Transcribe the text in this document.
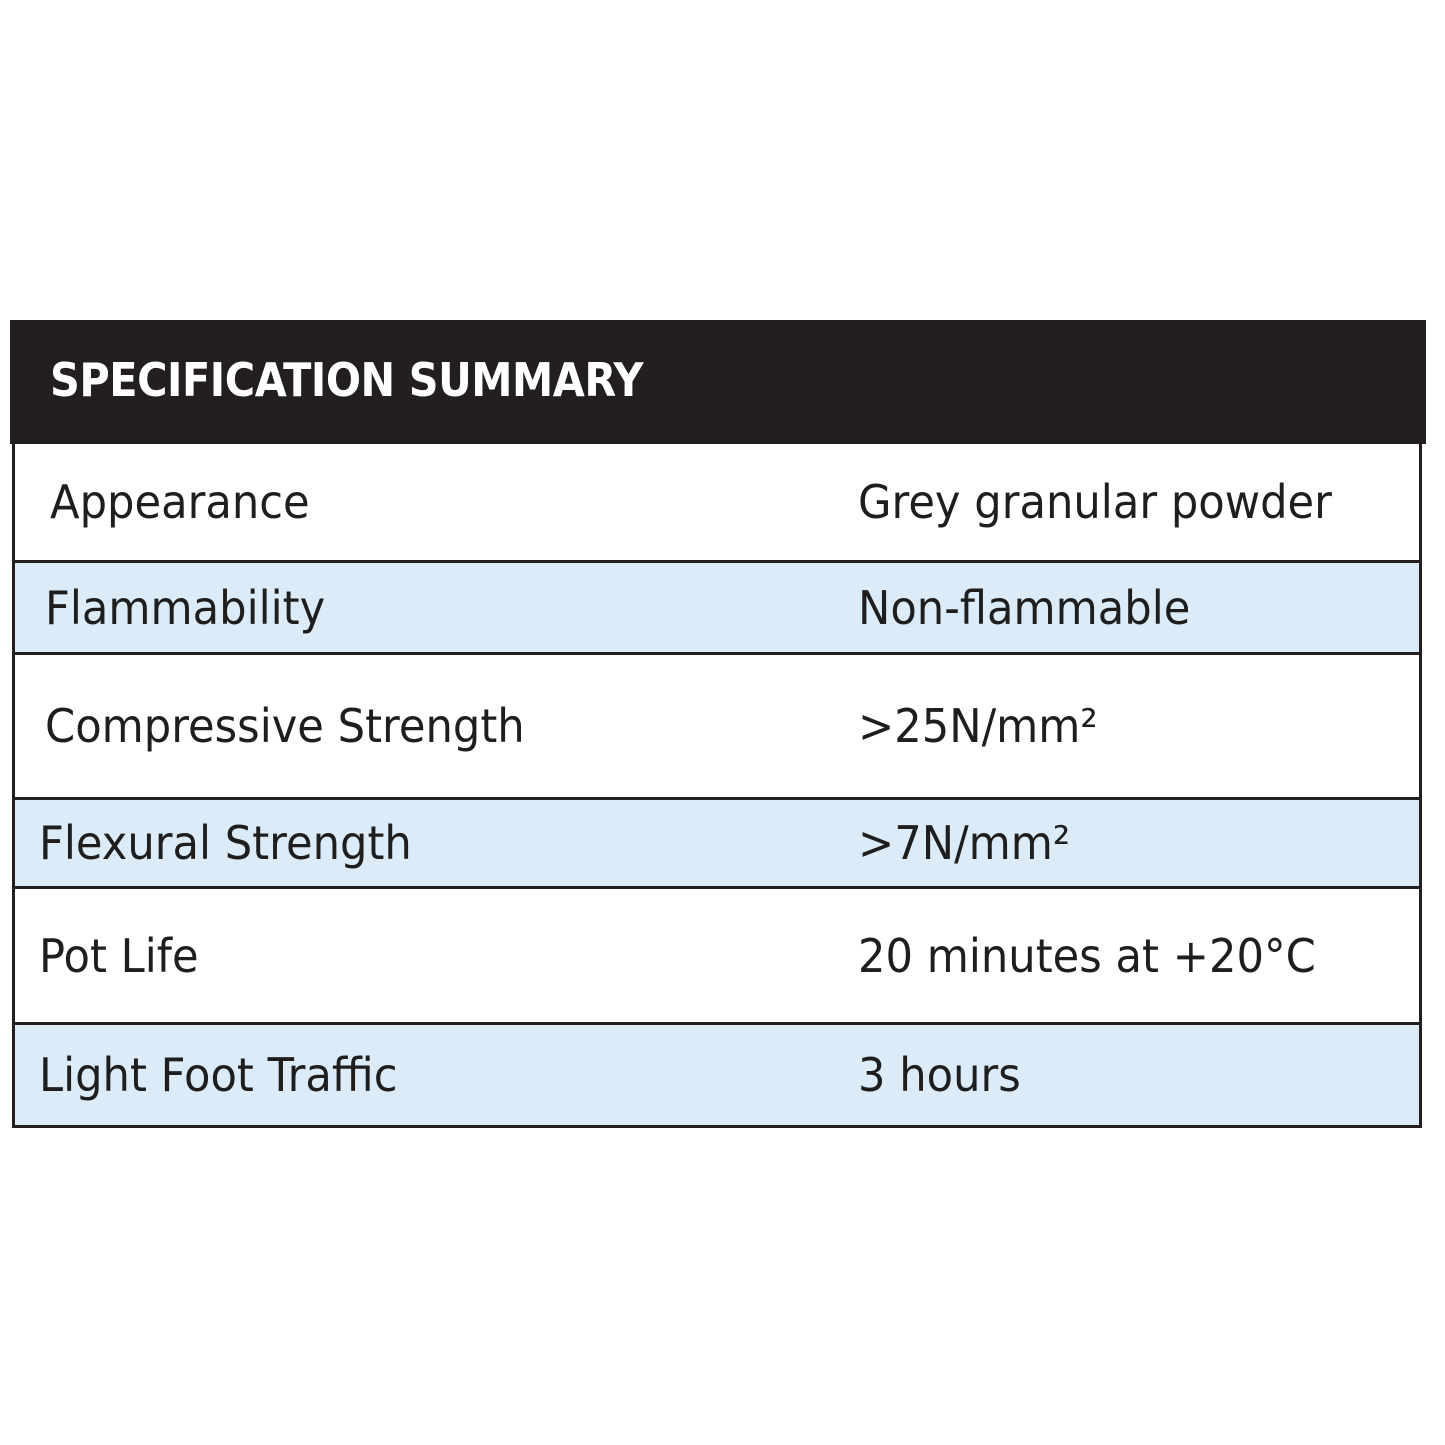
SPECIFICATION SUMMARY
Appearance	Grey granular powder
Flammability	Non-flammable
Compressive Strength	>25N/mm²
Flexural Strength	>7N/mm²
Pot Life	20 minutes at +20°C
Light Foot Traffic	3 hours
